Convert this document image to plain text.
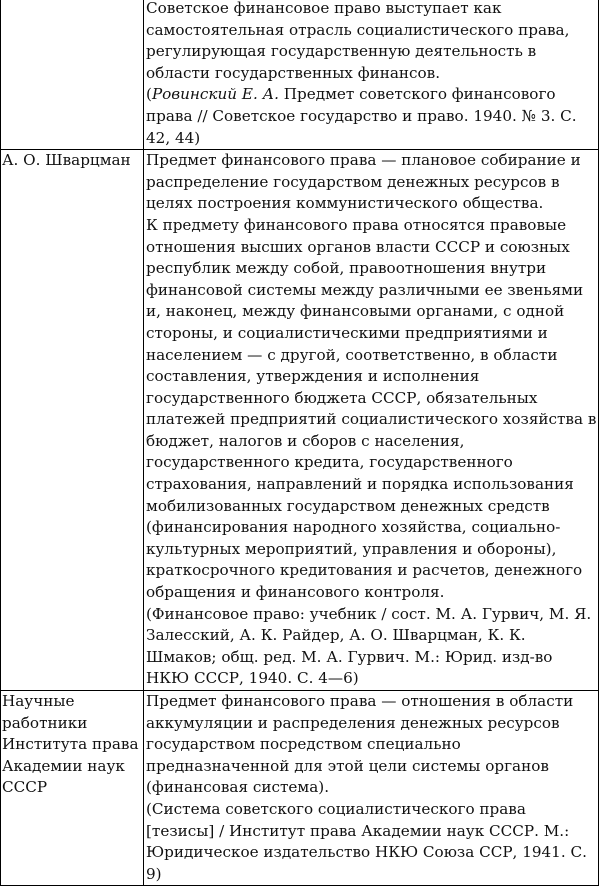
	Советское финансовое право выступает как самостоятельная отрасль социалистического права, регулирующая государственную деятельность в области государственных финансов.

(Ровинский Е. А. Предмет советского финансового права // Советское государство и право. 1940. № 3. С. 42, 44)

А. О. Шварцман	Предмет финансового права — плановое собирание и распределение государством денежных ресурсов в целях построения коммунистического общества.

К предмету финансового права относятся правовые отношения высших органов власти СССР и союзных республик между собой, правоотношения внутри финансовой системы между различными ее звеньями и, наконец, между финансовыми органами, с одной стороны, и социалистическими предприятиями и населением — с другой, соответственно, в области составления, утверждения и исполнения государственного бюджета СССР, обязательных платежей предприятий социалистического хозяйства в бюджет, налогов и сборов с населения, государственного кредита, государственного страхования, направлений и порядка использования мобилизованных государством денежных средств (финансирования народного хозяйства, социально-культурных мероприятий, управления и обороны), краткосрочного кредитования и расчетов, денежного обращения и финансового контроля.

(Финансовое право: учебник / сост. М. А. Гурвич, М. Я. Залесский, А. К. Райдер, А. О. Шварцман, К. К. Шмаков; общ. ред. М. А. Гурвич. М.: Юрид. изд-во НКЮ СССР, 1940. С. 4—6)

Научные работники Института права Академии наук СССР	Предмет финансового права — отношения в области аккумуляции и распределения денежных ресурсов государством посредством специально предназначенной для этой цели системы органов (финансовая система).

(Система советского социалистического права [тезисы] / Институт права Академии наук СССР. М.: Юридическое издательство НКЮ Союза ССР, 1941. С. 9)
